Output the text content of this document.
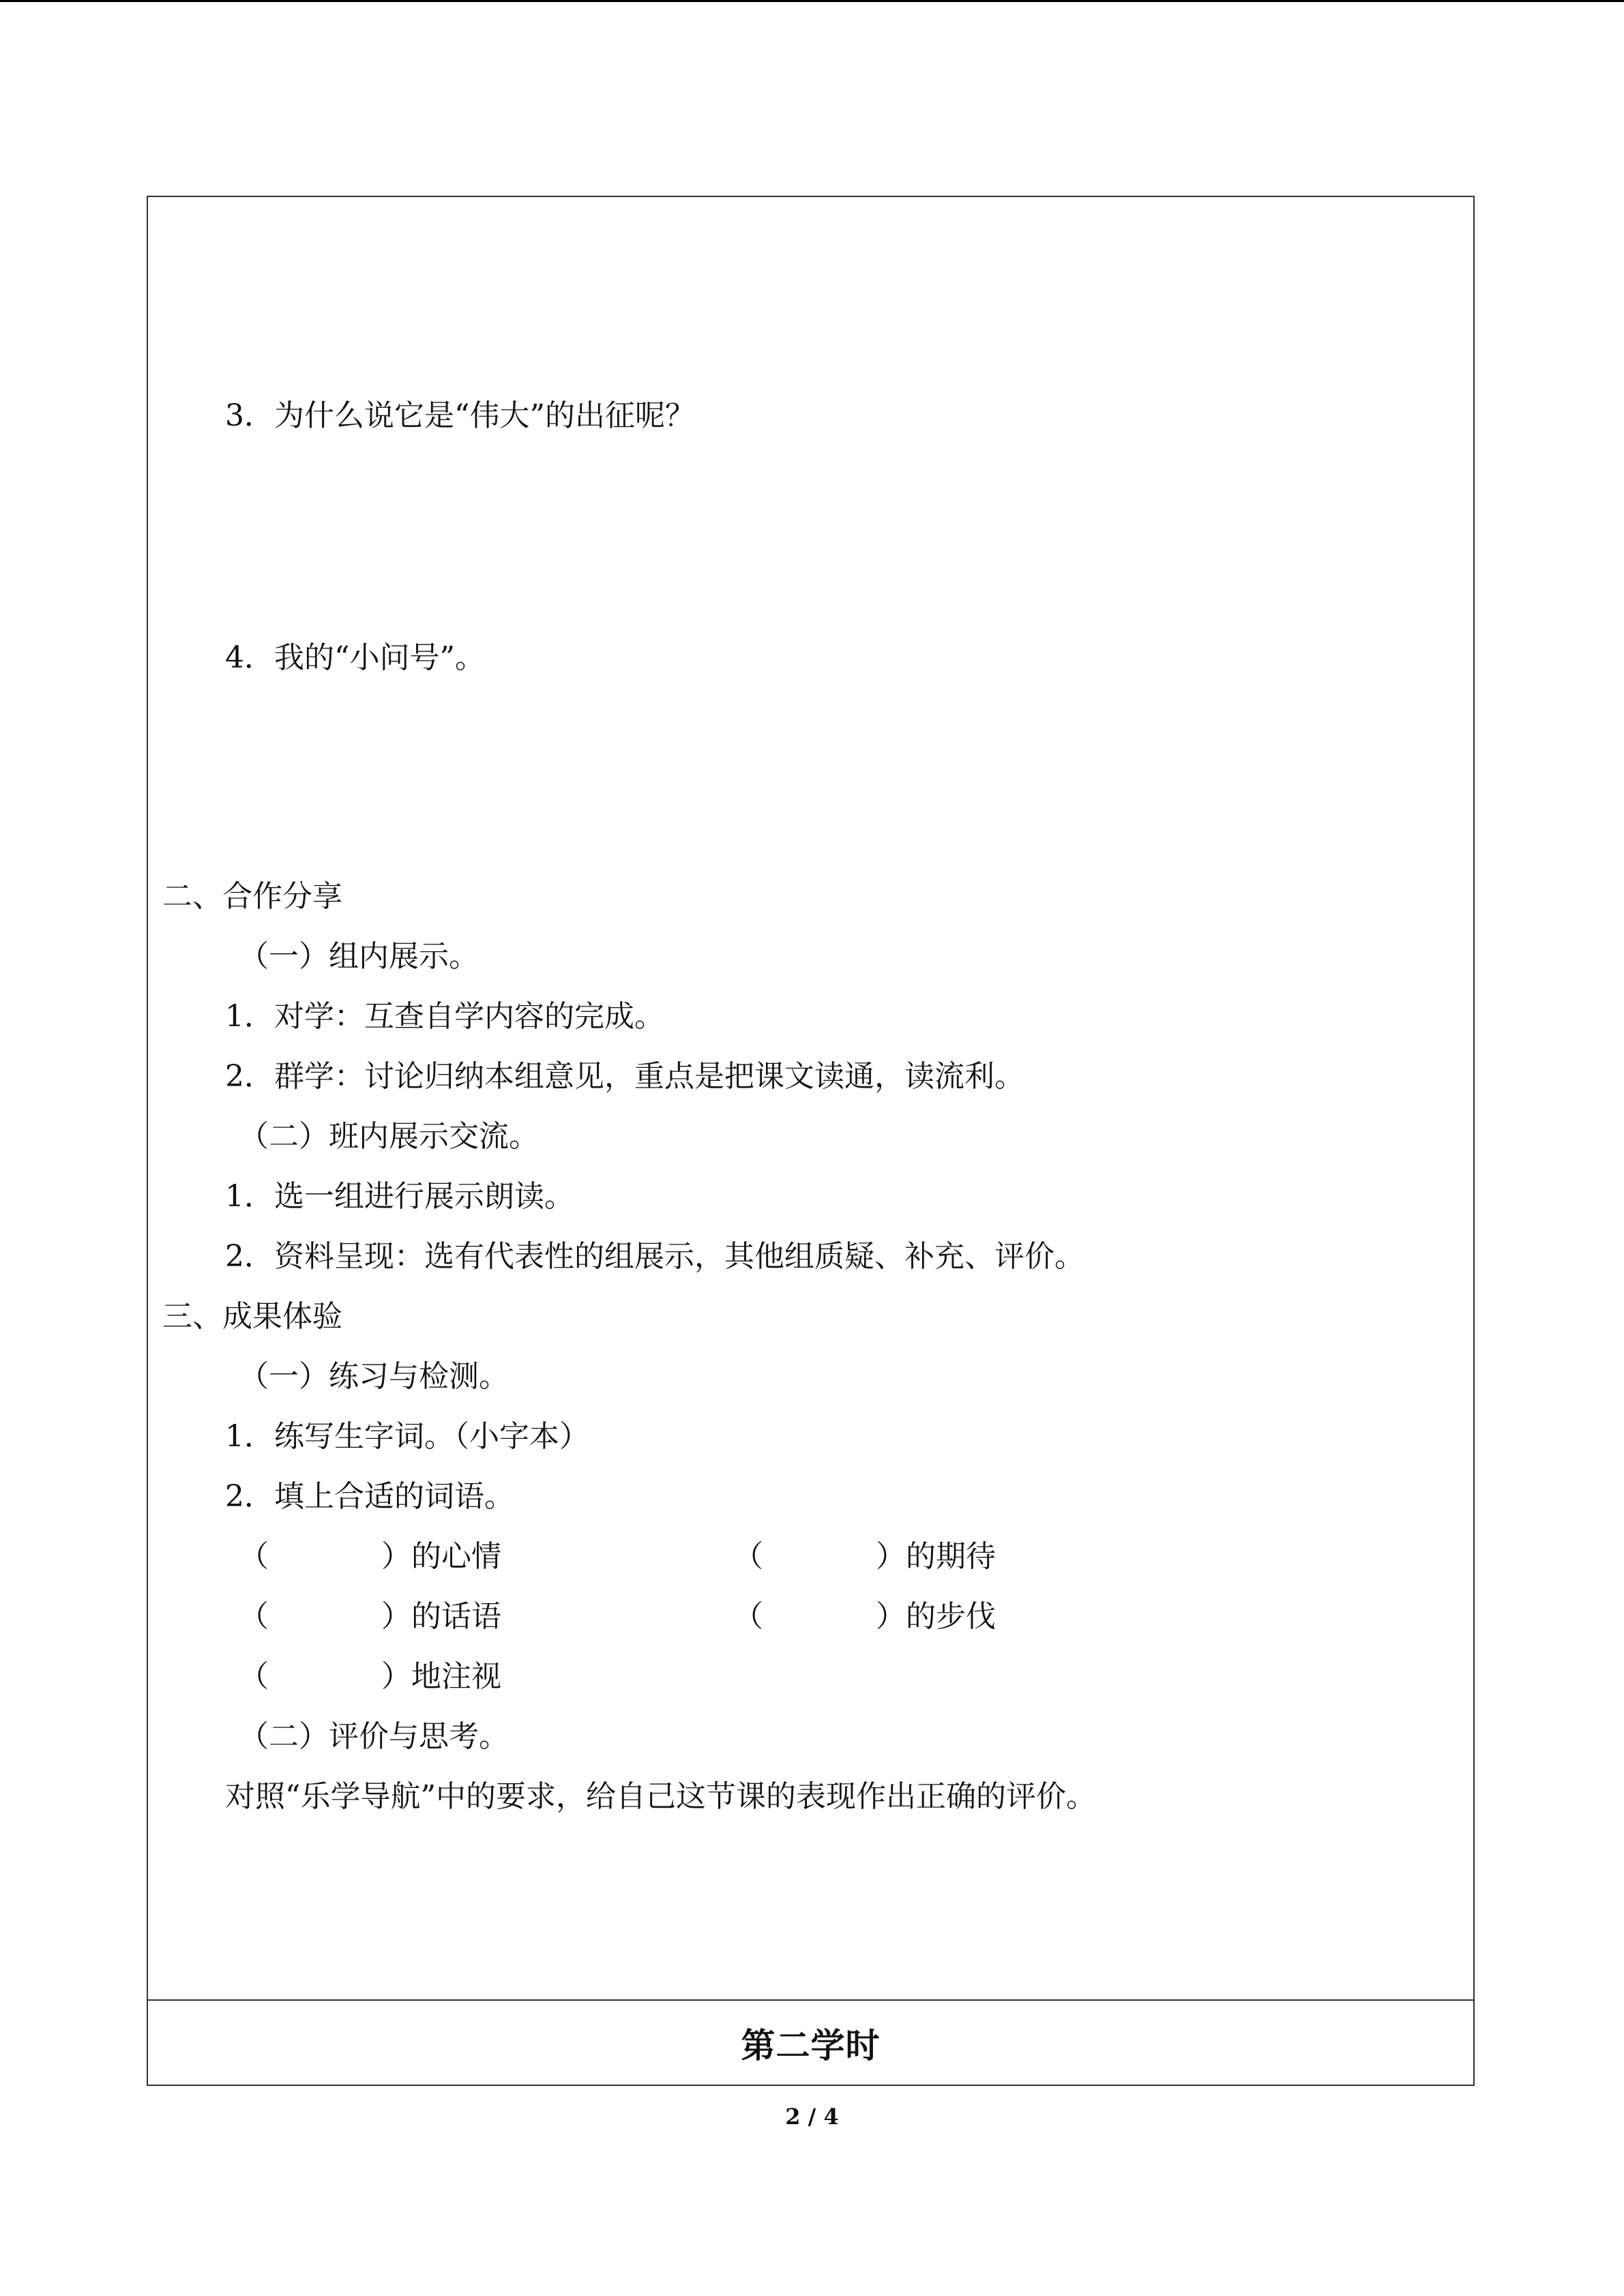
第二学时
3．为什么说它是“伟大”的出征呢？
4．我的“小问号”。
二、合作分享
（一）组内展示。
1．对学：互查自学内容的完成。
2．群学：讨论归纳本组意见，重点是把课文读通，读流利。
（二）班内展示交流。
1．选一组进行展示朗读。
2．资料呈现：选有代表性的组展示，其他组质疑、补充、评价。
三、成果体验
（一）练习与检测。
1．练写生字词。（小字本）
2．填上合适的词语。
（	）的心情	（	）的期待
（	）的话语	（	）的步伐
（	）地注视
（二）评价与思考。
对照“乐学导航”中的要求，给自己这节课的表现作出正确的评价。
2 / 4
